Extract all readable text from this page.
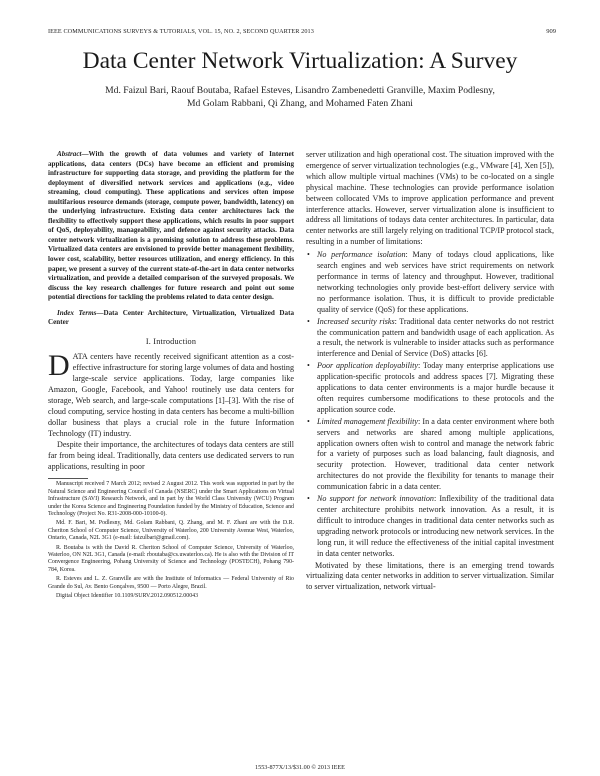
IEEE COMMUNICATIONS SURVEYS & TUTORIALS, VOL. 15, NO. 2, SECOND QUARTER 2013	909
Data Center Network Virtualization: A Survey
Md. Faizul Bari, Raouf Boutaba, Rafael Esteves, Lisandro Zambenedetti Granville, Maxim Podlesny,
Md Golam Rabbani, Qi Zhang, and Mohamed Faten Zhani

Abstract—With the growth of data volumes and variety of Internet applications, data centers (DCs) have become an efficient and promising infrastructure for supporting data storage, and providing the platform for the deployment of diversified network services and applications (e.g., video streaming, cloud computing). These applications and services often impose multifarious resource demands (storage, compute power, bandwidth, latency) on the underlying infrastructure. Existing data center architectures lack the flexibility to effectively support these applications, which results in poor support of QoS, deployability, manageability, and defence against security attacks. Data center network virtualization is a promising solution to address these problems. Virtualized data centers are envisioned to provide better management flexibility, lower cost, scalability, better resources utilization, and energy efficiency. In this paper, we present a survey of the current state-of-the-art in data center networks virtualization, and provide a detailed comparison of the surveyed proposals. We discuss the key research challenges for future research and point out some potential directions for tackling the problems related to data center design.

Index Terms—Data Center Architecture, Virtualization, Virtualized Data Center

I. Introduction

DATA centers have recently received significant attention as a cost-effective infrastructure for storing large volumes of data and hosting large-scale service applications. Today, large companies like Amazon, Google, Facebook, and Yahoo! routinely use data centers for storage, Web search, and large-scale computations [1]–[3]. With the rise of cloud computing, service hosting in data centers has become a multi-billion dollar business that plays a crucial role in the future Information Technology (IT) industry.

Despite their importance, the architectures of todays data centers are still far from being ideal. Traditionally, data centers use dedicated servers to run applications, resulting in poor

Manuscript received 7 March 2012; revised 2 August 2012. This work was supported in part by the Natural Science and Engineering Council of Canada (NSERC) under the Smart Applications on Virtual Infrastructure (SAVI) Research Network, and in part by the World Class University (WCU) Program under the Korea Science and Engineering Foundation funded by the Ministry of Education, Science and Technology (Project No. R31-2008-000-10100-0).

Md. F. Bari, M. Podlesny, Md. Golam Rabbani, Q. Zhang, and M. F. Zhani are with the D.R. Cheriton School of Computer Science, University of Waterloo, 200 University Avenue West, Waterloo, Ontario, Canada, N2L 3G1 (e-mail: faizulbari@gmail.com).

R. Boutaba is with the David R. Cheriton School of Computer Science, University of Waterloo, Waterloo, ON N2L 3G1, Canada (e-mail: rboutaba@cs.uwaterloo.ca). He is also with the Division of IT Convergence Engineering, Pohang University of Science and Technology (POSTECH), Pohang 790-784, Korea.

R. Esteves and L. Z. Granville are with the Institute of Informatics — Federal University of Rio Grande do Sul, Av. Bento Gonçalves, 9500 — Porto Alegre, Brazil.

Digital Object Identifier 10.1109/SURV.2012.090512.00043

server utilization and high operational cost. The situation improved with the emergence of server virtualization technologies (e.g., VMware [4], Xen [5]), which allow multiple virtual machines (VMs) to be co-located on a single physical machine. These technologies can provide performance isolation between collocated VMs to improve application performance and prevent interference attacks. However, server virtualization alone is insufficient to address all limitations of todays data center architectures. In particular, data center networks are still largely relying on traditional TCP/IP protocol stack, resulting in a number of limitations:

• No performance isolation: Many of todays cloud applications, like search engines and web services have strict requirements on network performance in terms of latency and throughput. However, traditional networking technologies only provide best-effort delivery service with no performance isolation. Thus, it is difficult to provide predictable quality of service (QoS) for these applications.
• Increased security risks: Traditional data center networks do not restrict the communication pattern and bandwidth usage of each application. As a result, the network is vulnerable to insider attacks such as performance interference and Denial of Service (DoS) attacks [6].
• Poor application deployability: Today many enterprise applications use application-specific protocols and address spaces [7]. Migrating these applications to data center environments is a major hurdle because it often requires cumbersome modifications to these protocols and the application source code.
• Limited management flexibility: In a data center environment where both servers and networks are shared among multiple applications, application owners often wish to control and manage the network fabric for a variety of purposes such as load balancing, fault diagnosis, and security protection. However, traditional data center network architectures do not provide the flexibility for tenants to manage their communication fabric in a data center.
• No support for network innovation: Inflexibility of the traditional data center architecture prohibits network innovation. As a result, it is difficult to introduce changes in traditional data center networks such as upgrading network protocols or introducing new network services. In the long run, it will reduce the effectiveness of the initial capital investment in data center networks.

Motivated by these limitations, there is an emerging trend towards virtualizing data center networks in addition to server virtualization. Similar to server virtualization, network virtual-

1553-877X/13/$31.00 © 2013 IEEE
